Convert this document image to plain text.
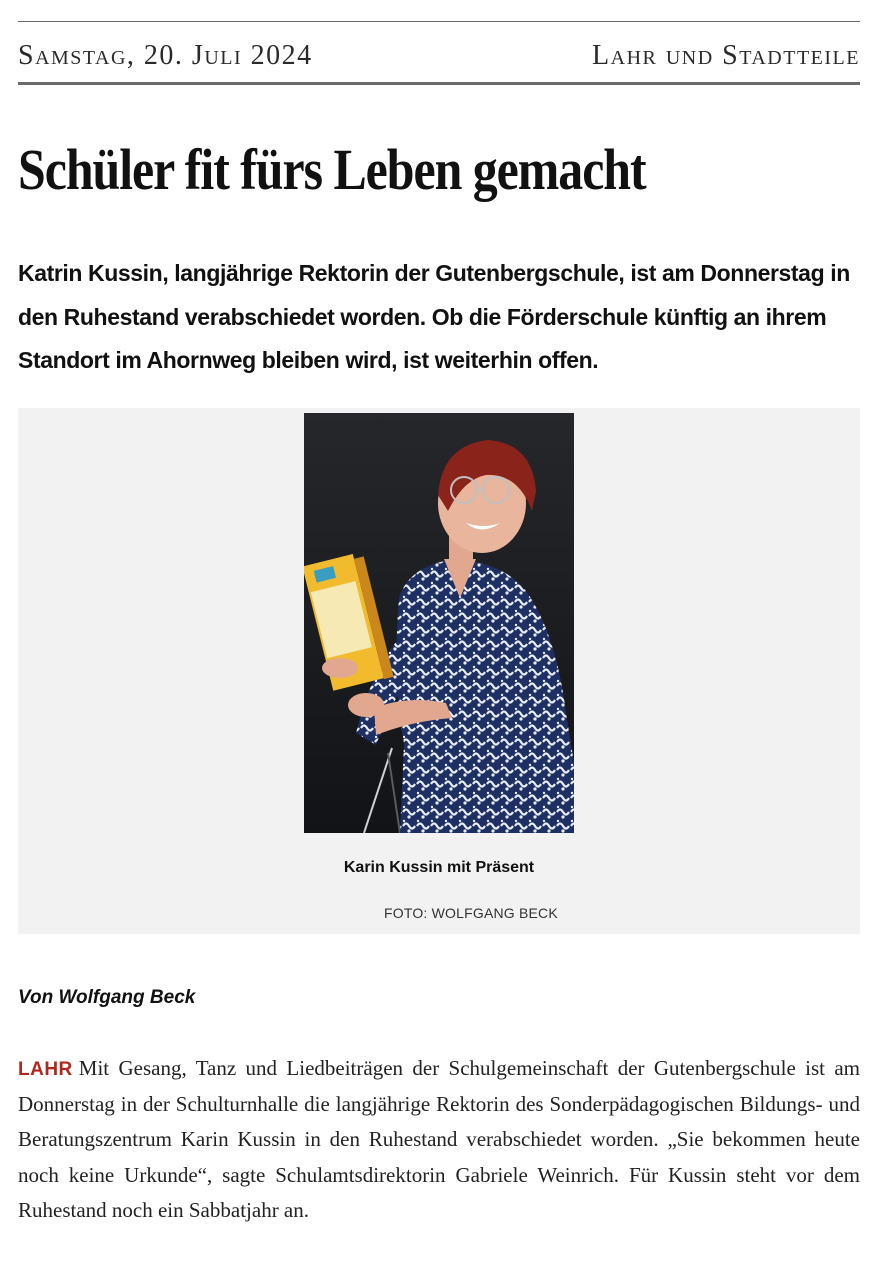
Samstag, 20. Juli 2024	Lahr und Stadtteile
Schüler fit fürs Leben gemacht

Katrin Kussin, langjährige Rektorin der Gutenbergschule, ist am Donnerstag in den Ruhestand verabschiedet worden. Ob die Förderschule künftig an ihrem Standort im Ahornweg bleiben wird, ist weiterhin offen.

Karin Kussin mit Präsent
FOTO: WOLFGANG BECK
Von Wolfgang Beck

LAHR Mit Gesang, Tanz und Liedbeiträgen der Schulgemeinschaft der Gutenbergschule ist am Donnerstag in der Schulturnhalle die langjährige Rektorin des Sonderpädagogischen Bildungs- und Beratungszentrum Karin Kussin in den Ruhestand verabschiedet worden. „Sie bekommen heute noch keine Urkunde“, sagte Schulamtsdirektorin Gabriele Weinrich. Für Kussin steht vor dem Ruhestand noch ein Sabbatjahr an.
